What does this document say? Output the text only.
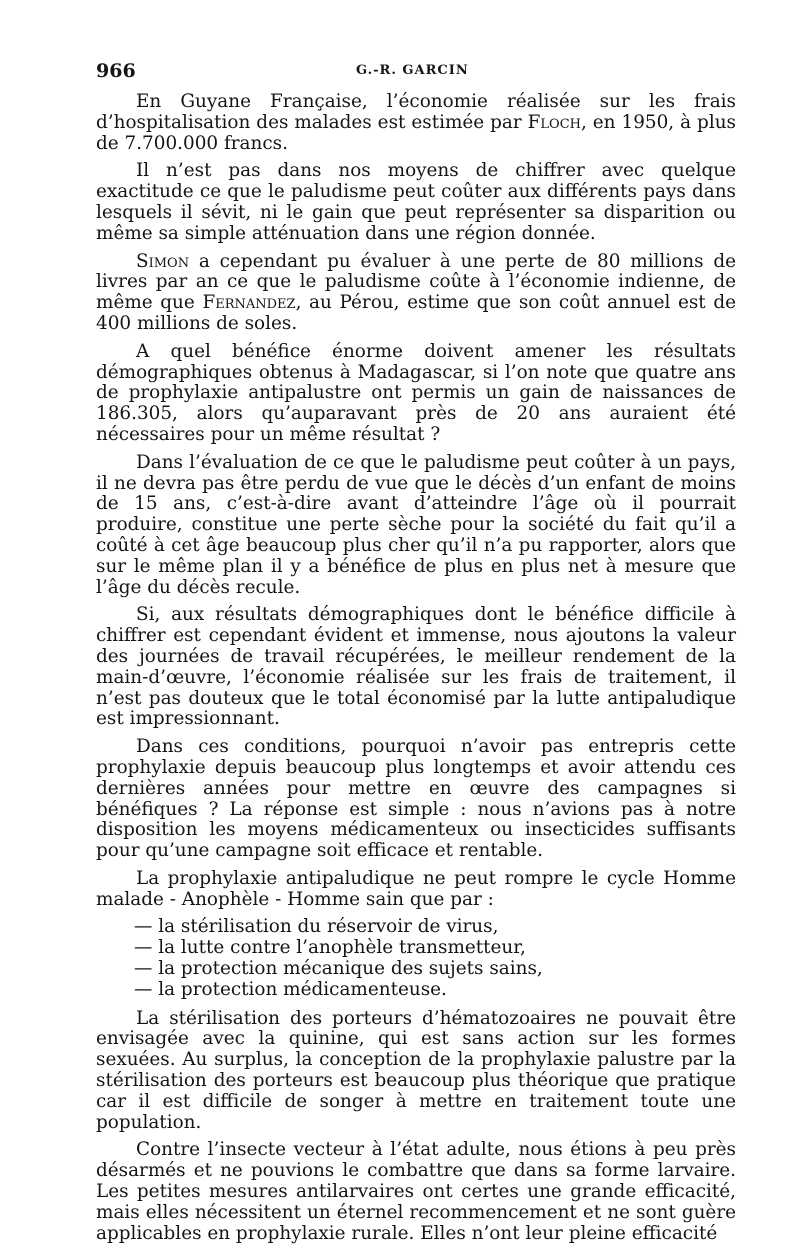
966	G.-R. GARCIN

En Guyane Française, l’économie réalisée sur les frais d’hospitalisation des malades est estimée par Floch, en 1950, à plus de 7.700.000 francs.

Il n’est pas dans nos moyens de chiffrer avec quelque exactitude ce que le paludisme peut coûter aux différents pays dans lesquels il sévit, ni le gain que peut représenter sa disparition ou même sa simple atténuation dans une région donnée.

Simon a cependant pu évaluer à une perte de 80 millions de livres par an ce que le paludisme coûte à l’économie indienne, de même que Fernandez, au Pérou, estime que son coût annuel est de 400 millions de soles.

A quel bénéfice énorme doivent amener les résultats démographiques obtenus à Madagascar, si l’on note que quatre ans de prophylaxie antipalustre ont permis un gain de naissances de 186.305, alors qu’auparavant près de 20 ans auraient été nécessaires pour un même résultat ?

Dans l’évaluation de ce que le paludisme peut coûter à un pays, il ne devra pas être perdu de vue que le décès d’un enfant de moins de 15 ans, c’est-à-dire avant d’atteindre l’âge où il pourrait produire, constitue une perte sèche pour la société du fait qu’il a coûté à cet âge beaucoup plus cher qu’il n’a pu rapporter, alors que sur le même plan il y a bénéfice de plus en plus net à mesure que l’âge du décès recule.

Si, aux résultats démographiques dont le bénéfice difficile à chiffrer est cependant évident et immense, nous ajoutons la valeur des journées de travail récupérées, le meilleur rendement de la main-d’œuvre, l’économie réalisée sur les frais de traitement, il n’est pas douteux que le total économisé par la lutte antipaludique est impressionnant.

Dans ces conditions, pourquoi n’avoir pas entrepris cette prophylaxie depuis beaucoup plus longtemps et avoir attendu ces dernières années pour mettre en œuvre des campagnes si bénéfiques ? La réponse est simple : nous n’avions pas à notre disposition les moyens médicamenteux ou insecticides suffisants pour qu’une campagne soit efficace et rentable.

La prophylaxie antipaludique ne peut rompre le cycle Homme malade - Anophèle - Homme sain que par :

— la stérilisation du réservoir de virus,
— la lutte contre l’anophèle transmetteur,
— la protection mécanique des sujets sains,
— la protection médicamenteuse.

La stérilisation des porteurs d’hématozoaires ne pouvait être envisagée avec la quinine, qui est sans action sur les formes sexuées. Au surplus, la conception de la prophylaxie palustre par la stérilisation des porteurs est beaucoup plus théorique que pratique car il est difficile de songer à mettre en traitement toute une population.

Contre l’insecte vecteur à l’état adulte, nous étions à peu près désarmés et ne pouvions le combattre que dans sa forme larvaire. Les petites mesures antilarvaires ont certes une grande efficacité, mais elles nécessitent un éternel recommencement et ne sont guère applicables en prophylaxie rurale. Elles n’ont leur pleine efficacité
